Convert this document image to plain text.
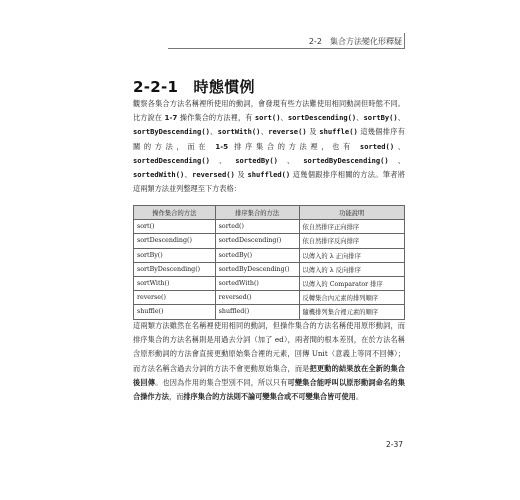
2-2　集合方法變化形釋疑
2-2-1　時態慣例
觀察各集合方法名稱裡所使用的動詞，會發現有些方法難使用相同動詞但時態不同。比方說在 1-7 操作集合的方法裡，有 sort()、sortDescending()、sortBy()、sortByDescending()、sortWith()、reverse() 及 shuffle() 這幾個排序有關的方法，而在 1-5 排序集合的方法裡，也有 sorted()、sortedDescending()、sortedBy()、sortedByDescending()、sortedWith()、reversed() 及 shuffled() 這幾個跟排序相關的方法。筆者將這兩類方法並列整理至下方表格：
操作集合的方法	排序集合的方法	功能說明
sort()	sorted()	依自然排序正向排序
sortDescending()	sortedDescending()	依自然排序反向排序
sortBy()	sortedBy()	以傳入的 λ 正向排序
sortByDescending()	sortedByDescending()	以傳入的 λ 反向排序
sortWith()	sortedWith()	以傳入的 Comparator 排序
reverse()	reversed()	反轉集合內元素的排列順序
shuffle()	shuffled()	隨機排列集合裡元素的順序
這兩類方法雖然在名稱裡使用相同的動詞，但操作集合的方法名稱使用原形動詞，而排序集合的方法名稱則是用過去分詞（加了 ed），兩者間的根本差別，在於方法名稱含原形動詞的方法會直接更動原始集合裡的元素，回傳 Unit（意義上等同不回傳）；而方法名稱含過去分詞的方法不會更動原始集合，而是把更動的結果放在全新的集合後回傳。也因為作用的集合型別不同，所以只有可變集合能呼叫以原形動詞命名的集合操作方法，而排序集合的方法則不論可變集合或不可變集合皆可使用。
2-37
